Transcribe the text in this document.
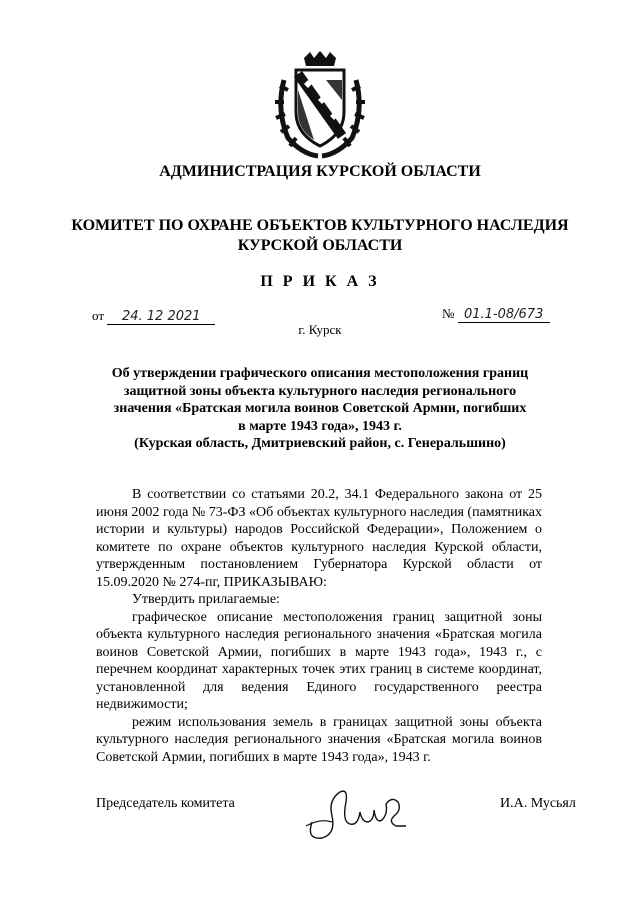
АДМИНИСТРАЦИЯ КУРСКОЙ ОБЛАСТИ
КОМИТЕТ ПО ОХРАНЕ ОБЪЕКТОВ КУЛЬТУРНОГО НАСЛЕДИЯ
КУРСКОЙ ОБЛАСТИ
П Р И К А З
от 24. 12 2021	№ 01.1-08/673
г. Курск
Об утверждении графического описания местоположения границ
защитной зоны объекта культурного наследия регионального
значения «Братская могила воинов Советской Армии, погибших
в марте 1943 года», 1943 г.
(Курская область, Дмитриевский район, с. Генеральшино)

В соответствии со статьями 20.2, 34.1 Федерального закона от 25 июня 2002 года № 73-ФЗ «Об объектах культурного наследия (памятниках истории и культуры) народов Российской Федерации», Положением о комитете по охране объектов культурного наследия Курской области, утвержденным постановлением Губернатора Курской области от 15.09.2020 № 274-пг, ПРИКАЗЫВАЮ:

Утвердить прилагаемые:

графическое описание местоположения границ защитной зоны объекта культурного наследия регионального значения «Братская могила воинов Советской Армии, погибших в марте 1943 года», 1943 г., с перечнем координат характерных точек этих границ в системе координат, установленной для ведения Единого государственного реестра недвижимости;

режим использования земель в границах защитной зоны объекта культурного наследия регионального значения «Братская могила воинов Советской Армии, погибших в марте 1943 года», 1943 г.

Председатель комитета	И.А. Мусьял
